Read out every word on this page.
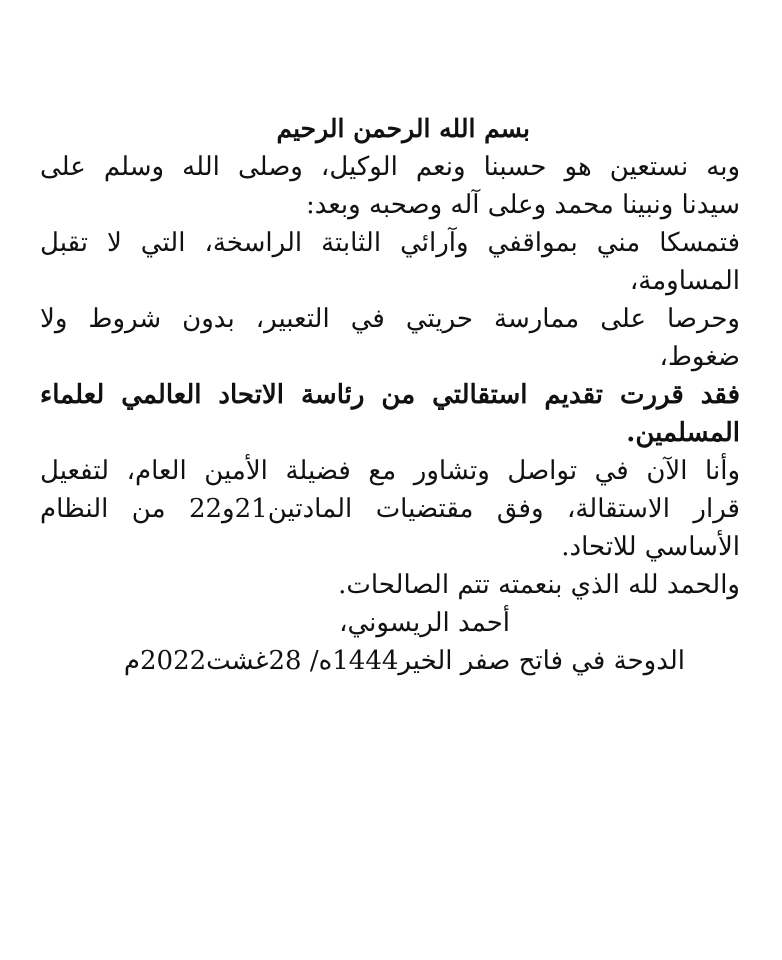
بسم الله الرحمن الرحيم
وبه نستعين هو حسبنا ونعم الوكيل، وصلى الله وسلم على
سيدنا ونبينا محمد وعلى آله وصحبه وبعد:
فتمسكا مني بمواقفي وآرائي الثابتة الراسخة، التي لا تقبل
المساومة،
وحرصا على ممارسة حريتي في التعبير، بدون شروط ولا
ضغوط،
فقد قررت تقديم استقالتي من رئاسة الاتحاد العالمي لعلماء
المسلمين.
وأنا الآن في تواصل وتشاور مع فضيلة الأمين العام، لتفعيل
قرار الاستقالة، وفق مقتضيات المادتين21و22 من النظام
الأساسي للاتحاد.
والحمد لله الذي بنعمته تتم الصالحات.
أحمد الريسوني،
الدوحة في فاتح صفر الخير1444ه/ 28غشت2022م
